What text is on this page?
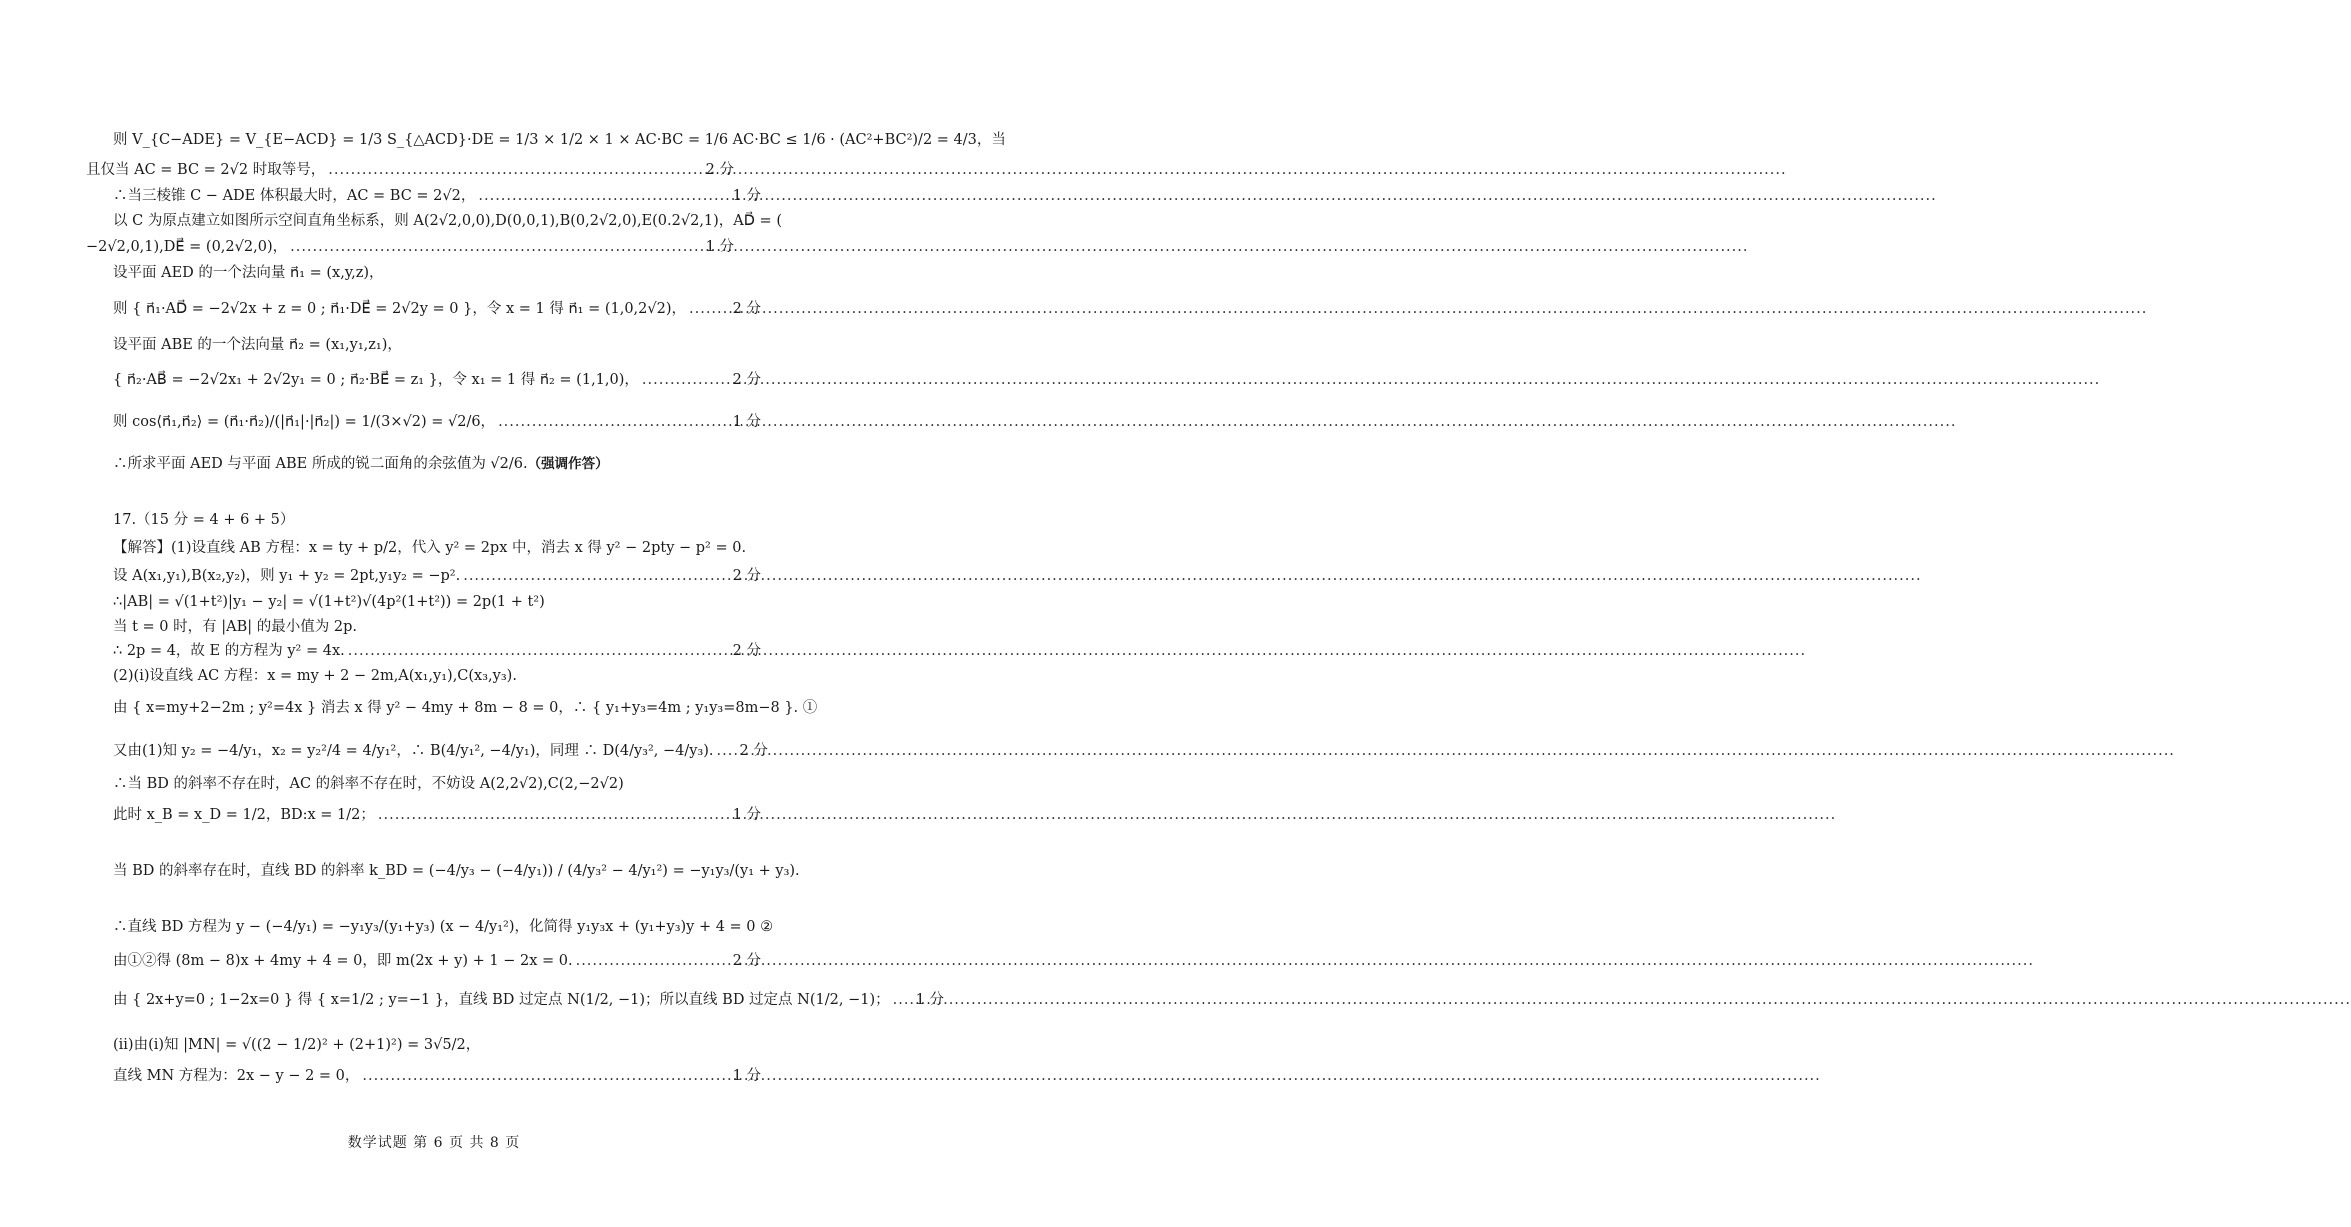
则 V_{C−ADE} = V_{E−ACD} = 1/3 S_{△ACD}·DE = 1/3 × 1/2 × 1 × AC·BC = 1/6 AC·BC ≤ 1/6 · (AC²+BC²)/2 = 4/3，当
且仅当 AC = BC = 2√2 时取等号， .....	2 分
∴当三棱锥 C − ADE 体积最大时，AC = BC = 2√2， .....	1 分
以 C 为原点建立如图所示空间直角坐标系，则 A(2√2,0,0),D(0,0,1),B(0,2√2,0),E(0.2√2,1)，AD⃗ = (
−2√2,0,1),DE⃗ = (0,2√2,0)， .....	1 分
设平面 AED 的一个法向量 n⃗₁ = (x,y,z)，
则 { n⃗₁·AD⃗ = −2√2x + z = 0 ; n⃗₁·DE⃗ = 2√2y = 0 }，令 x = 1 得 n⃗₁ = (1,0,2√2)， .....	2 分
设平面 ABE 的一个法向量 n⃗₂ = (x₁,y₁,z₁)，
{ n⃗₂·AB⃗ = −2√2x₁ + 2√2y₁ = 0 ; n⃗₂·BE⃗ = z₁ }，令 x₁ = 1 得 n⃗₂ = (1,1,0)， .....	2 分
则 cos⟨n⃗₁,n⃗₂⟩ = (n⃗₁·n⃗₂)/(|n⃗₁|·|n⃗₂|) = 1/(3×√2) = √2/6， .....	1 分
∴所求平面 AED 与平面 ABE 所成的锐二面角的余弦值为 √2/6. （强调作答）
17.（15 分 = 4 + 6 + 5）
【解答】(1)设直线 AB 方程：x = ty + p/2，代入 y² = 2px 中，消去 x 得 y² − 2pty − p² = 0.
设 A(x₁,y₁),B(x₂,y₂)，则 y₁ + y₂ = 2pt,y₁y₂ = −p². .....	2 分
∴|AB| = √(1+t²)|y₁ − y₂| = √(1+t²)√(4p²(1+t²)) = 2p(1 + t²)
当 t = 0 时，有 |AB| 的最小值为 2p.
∴ 2p = 4，故 E 的方程为 y² = 4x. .....	2 分
(2)(i)设直线 AC 方程：x = my + 2 − 2m,A(x₁,y₁),C(x₃,y₃).
由 { x=my+2−2m ; y²=4x } 消去 x 得 y² − 4my + 8m − 8 = 0，∴ { y₁+y₃=4m ; y₁y₃=8m−8 }. ①
又由(1)知 y₂ = −4/y₁，x₂ = y₂²/4 = 4/y₁²，∴ B(4/y₁², −4/y₁)，同理 ∴ D(4/y₃², −4/y₃). ..... 2 分
∴当 BD 的斜率不存在时，AC 的斜率不存在时，不妨设 A(2,2√2),C(2,−2√2)
此时 x_B = x_D = 1/2，BD:x = 1/2； .....	1 分
当 BD 的斜率存在时，直线 BD 的斜率 k_BD = (−4/y₃ − (−4/y₁)) / (4/y₃² − 4/y₁²) = −y₁y₃/(y₁ + y₃).
∴直线 BD 方程为 y − (−4/y₁) = −y₁y₃/(y₁+y₃) (x − 4/y₁²)，化简得 y₁y₃x + (y₁+y₃)y + 4 = 0 ②
由①②得 (8m − 8)x + 4my + 4 = 0，即 m(2x + y) + 1 − 2x = 0. .....	2 分
由 { 2x+y=0 ; 1−2x=0 } 得 { x=1/2 ; y=−1 }，直线 BD 过定点 N(1/2, −1)；所以直线 BD 过定点 N(1/2, −1)； ..... 1 分
(ii)由(i)知 |MN| = √((2 − 1/2)² + (2+1)²) = 3√5/2，
直线 MN 方程为：2x − y − 2 = 0， .....	1 分
数学试题 第 6 页 共 8 页
